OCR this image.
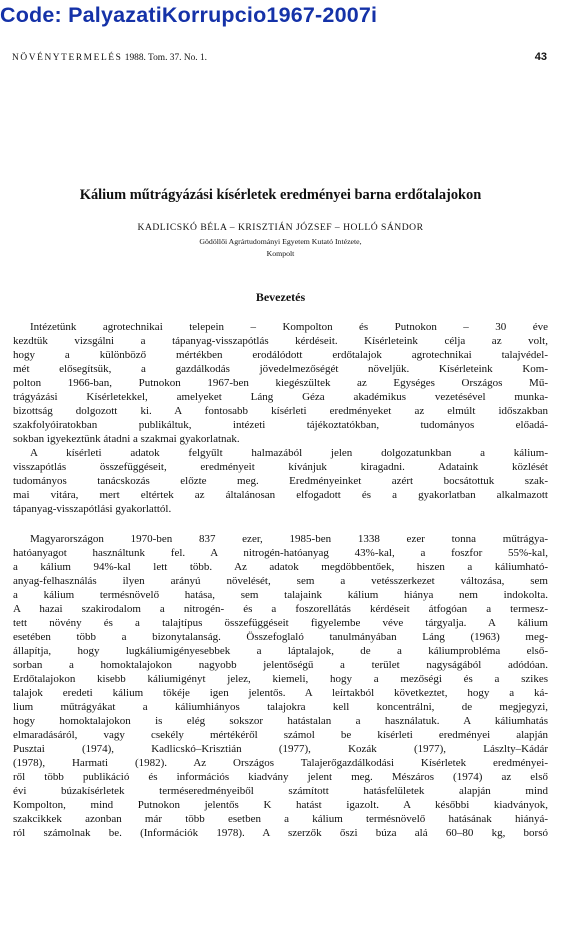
Code: PalyazatiKorrupcio1967-2007i
NÖVÉNYTERMELÉS 1988. Tom. 37. No. 1.	43
Kálium műtrágyázási kísérletek eredményei barna erdőtalajokon
KADLICSKÓ BÉLA – KRISZTIÁN JÓZSEF – HOLLÓ SÁNDOR
Gödöllői Agrártudományi Egyetem Kutató Intézete,
Kompolt
Bevezetés
Intézetünk agrotechnikai telepein – Kompolton és Putnokon – 30 éve
kezdtük vizsgálni a tápanyag-visszapótlás kérdéseit. Kísérleteink célja az volt,
hogy a különböző mértékben erodálódott erdőtalajok agrotechnikai talajvédel-
mét elősegítsük, a gazdálkodás jövedelmezőségét növeljük. Kísérleteink Kom-
polton 1966-ban, Putnokon 1967-ben kiegészültek az Egységes Országos Mű-
trágyázási Kísérletekkel, amelyeket Láng Géza akadémikus vezetésével munka-
bizottság dolgozott ki. A fontosabb kísérleti eredményeket az elmúlt időszakban
szakfolyóiratokban publikáltuk, intézeti tájékoztatókban, tudományos előadá-
sokban igyekeztünk átadni a szakmai gyakorlatnak.
A kísérleti adatok felgyűlt halmazából jelen dolgozatunkban a kálium-
visszapótlás összefüggéseit, eredményeit kívánjuk kiragadni. Adataink közlését
tudományos tanácskozás előzte meg. Eredményeinket azért bocsátottuk szak-
mai vitára, mert eltértek az általánosan elfogadott és a gyakorlatban alkalmazott
tápanyag-visszapótlási gyakorlattól.
Magyarországon 1970-ben 837 ezer, 1985-ben 1338 ezer tonna műtrágya-
hatóanyagot használtunk fel. A nitrogén-hatóanyag 43%-kal, a foszfor 55%-kal,
a kálium 94%-kal lett több. Az adatok megdöbbentőek, hiszen a káliumható-
anyag-felhasználás ilyen arányú növelését, sem a vetésszerkezet változása, sem
a kálium termésnövelő hatása, sem talajaink kálium hiánya nem indokolta.
A hazai szakirodalom a nitrogén- és a foszorellátás kérdéseit átfogóan a termesz-
tett növény és a talajtípus összefüggéseit figyelembe véve tárgyalja. A kálium
esetében több a bizonytalanság. Összefoglaló tanulmányában Láng (1963) meg-
állapítja, hogy lugkáliumigényesebbek a láptalajok, de a káliumprobléma első-
sorban a homoktalajokon nagyobb jelentőségű a terület nagyságából adódóan.
Erdőtalajokon kisebb káliumigényt jelez, kiemeli, hogy a mezőségi és a szikes
talajok eredeti kálium tökéje igen jelentős. A leírtakból következtet, hogy a ká-
lium műtrágyákat a káliumhiányos talajokra kell koncentrálni, de megjegyzi,
hogy homoktalajokon is elég sokszor hatástalan a használatuk. A káliumhatás
elmaradásáról, vagy csekély mértékéről számol be kísérleti eredményei alapján
Pusztai (1974), Kadlicskó–Krisztián (1977), Kozák (1977), Lászlty–Kádár
(1978), Harmati (1982). Az Országos Talajerőgazdálkodási Kísérletek eredményei-
ről több publikáció és információs kiadvány jelent meg. Mészáros (1974) az első
évi búzakísérletek terméseredményeiből számított hatásfelületek alapján mind
Kompolton, mind Putnokon jelentős K hatást igazolt. A későbbi kiadványok,
szakcikkek azonban már több esetben a kálium termésnövelő hatásának hiányá-
ról számolnak be. (Információk 1978). A szerzők őszi búza alá 60–80 kg, borsó
